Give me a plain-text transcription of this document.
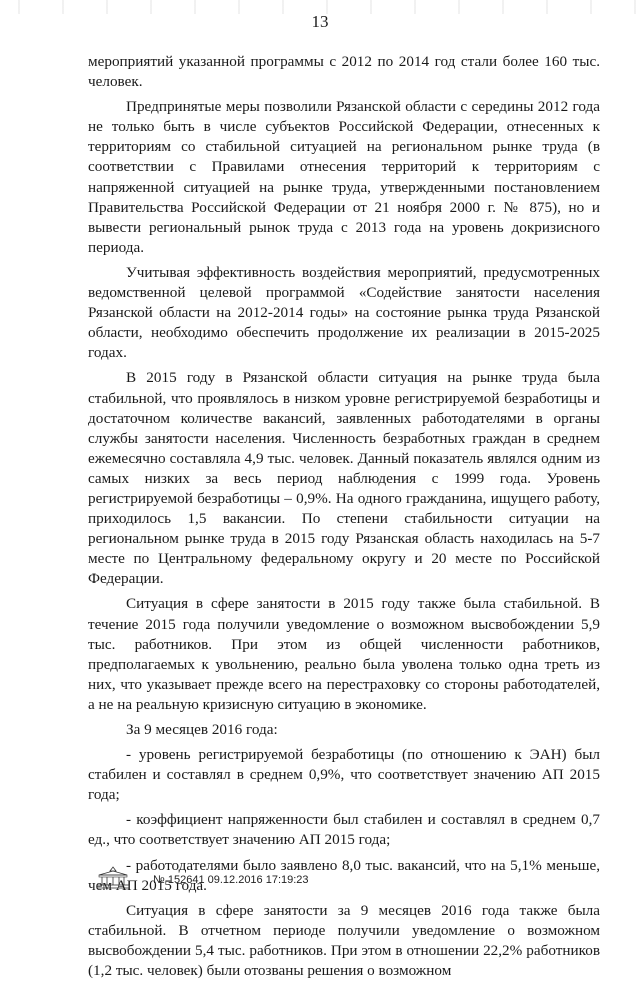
13

мероприятий указанной программы с 2012 по 2014 год стали более 160 тыс. человек.

Предпринятые меры позволили Рязанской области с середины 2012 года не только быть в числе субъектов Российской Федерации, отнесенных к территориям со стабильной ситуацией на региональном рынке труда (в соответствии с Правилами отнесения территорий к территориям с напряженной ситуацией на рынке труда, утвержденными постановлением Правительства Российской Федерации от 21 ноября 2000 г. № 875), но и вывести региональный рынок труда с 2013 года на уровень докризисного периода.

Учитывая эффективность воздействия мероприятий, предусмотренных ведомственной целевой программой «Содействие занятости населения Рязанской области на 2012-2014 годы» на состояние рынка труда Рязанской области, необходимо обеспечить продолжение их реализации в 2015-2025 годах.

В 2015 году в Рязанской области ситуация на рынке труда была стабильной, что проявлялось в низком уровне регистрируемой безработицы и достаточном количестве вакансий, заявленных работодателями в органы службы занятости населения. Численность безработных граждан в среднем ежемесячно составляла 4,9 тыс. человек. Данный показатель являлся одним из самых низких за весь период наблюдения с 1999 года. Уровень регистрируемой безработицы – 0,9%. На одного гражданина, ищущего работу, приходилось 1,5 вакансии. По степени стабильности ситуации на региональном рынке труда в 2015 году Рязанская область находилась на 5-7 месте по Центральному федеральному округу и 20 месте по Российской Федерации.

Ситуация в сфере занятости в 2015 году также была стабильной. В течение 2015 года получили уведомление о возможном высвобождении 5,9 тыс. работников. При этом из общей численности работников, предполагаемых к увольнению, реально была уволена только одна треть из них, что указывает прежде всего на перестраховку со стороны работодателей, а не на реальную кризисную ситуацию в экономике.

За 9 месяцев 2016 года:

- уровень регистрируемой безработицы (по отношению к ЭАН) был стабилен и составлял в среднем 0,9%, что соответствует значению АП 2015 года;

- коэффициент напряженности был стабилен и составлял в среднем 0,7 ед., что соответствует значению АП 2015 года;

- работодателями было заявлено 8,0 тыс. вакансий, что на 5,1% меньше, чем АП 2015 года.

Ситуация в сфере занятости за 9 месяцев 2016 года также была стабильной. В отчетном периоде получили уведомление о возможном высвобождении 5,4 тыс. работников. При этом в отношении 22,2% работников (1,2 тыс. человек) были отозваны решения о возможном

№ 152641 09.12.2016 17:19:23
